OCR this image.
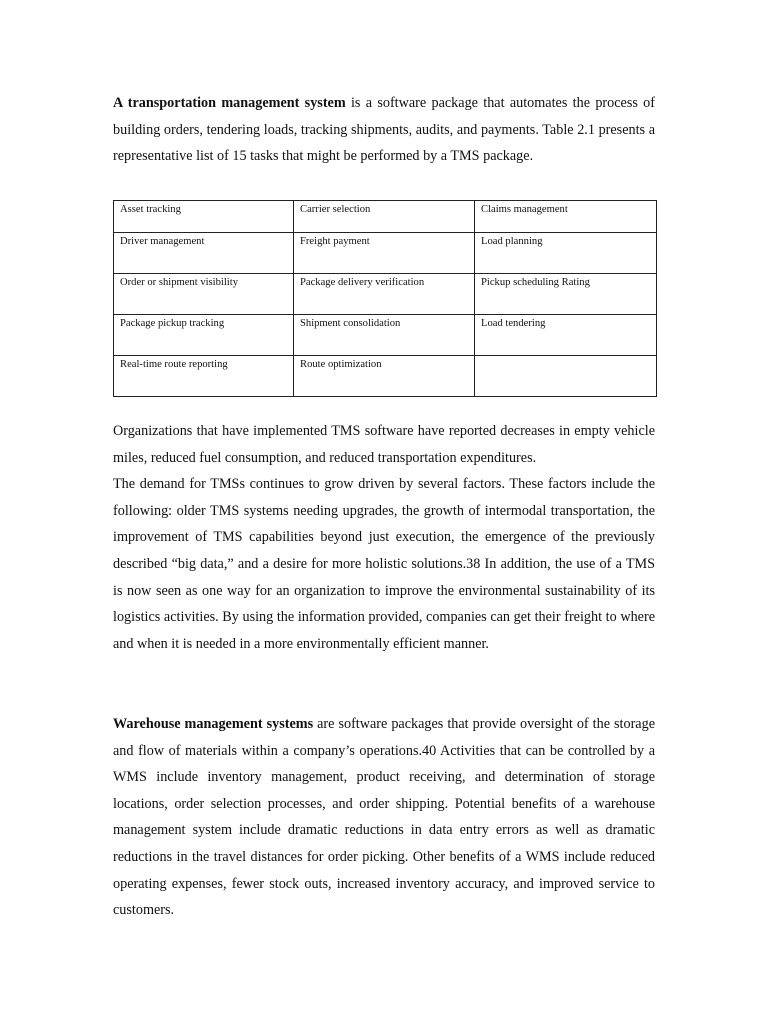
A transportation management system is a software package that automates the process of building orders, tendering loads, tracking shipments, audits, and payments. Table 2.1 presents a representative list of 15 tasks that might be performed by a TMS package.

Asset tracking	Carrier selection	Claims management
Driver management	Freight payment	Load planning
Order or shipment visibility	Package delivery verification	Pickup scheduling Rating
Package pickup tracking	Shipment consolidation	Load tendering
Real-time route reporting	Route optimization	
Organizations that have implemented TMS software have reported decreases in empty vehicle miles, reduced fuel consumption, and reduced transportation expenditures.
The demand for TMSs continues to grow driven by several factors. These factors include the following: older TMS systems needing upgrades, the growth of intermodal transportation, the improvement of TMS capabilities beyond just execution, the emergence of the previously described “big data,” and a desire for more holistic solutions.38 In addition, the use of a TMS is now seen as one way for an organization to improve the environmental sustainability of its logistics activities. By using the information provided, companies can get their freight to where and when it is needed in a more environmentally efficient manner.

Warehouse management systems are software packages that provide oversight of the storage and flow of materials within a company’s operations.40 Activities that can be controlled by a WMS include inventory management, product receiving, and determination of storage locations, order selection processes, and order shipping. Potential benefits of a warehouse management system include dramatic reductions in data entry errors as well as dramatic reductions in the travel distances for order picking. Other benefits of a WMS include reduced operating expenses, fewer stock outs, increased inventory accuracy, and improved service to customers.
